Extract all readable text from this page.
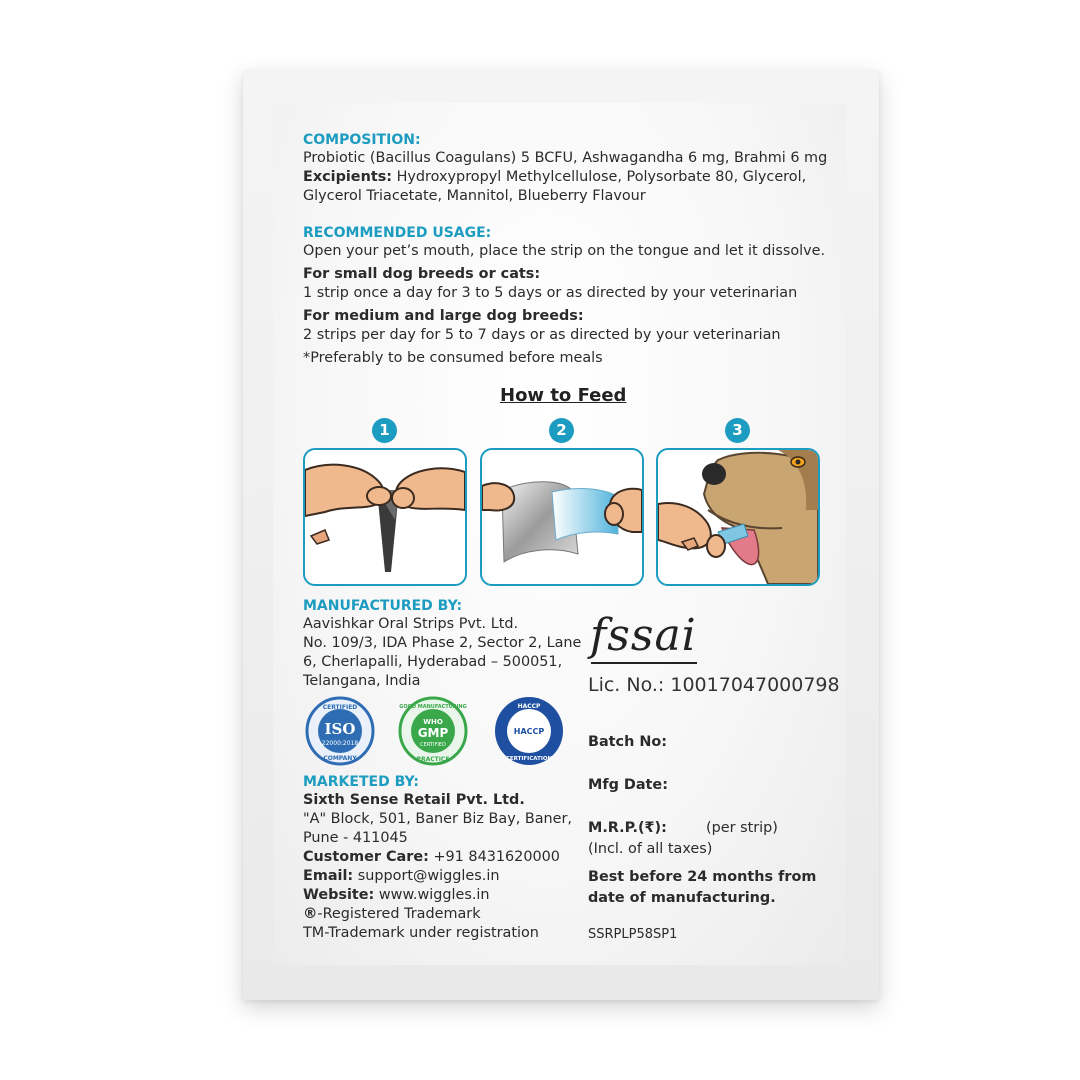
COMPOSITION:
Probiotic (Bacillus Coagulans) 5 BCFU, Ashwagandha 6 mg, Brahmi 6 mg
Excipients: Hydroxypropyl Methylcellulose, Polysorbate 80, Glycerol,
Glycerol Triacetate, Mannitol, Blueberry Flavour
RECOMMENDED USAGE:
Open your pet’s mouth, place the strip on the tongue and let it dissolve.
For small dog breeds or cats:
1 strip once a day for 3 to 5 days or as directed by your veterinarian
For medium and large dog breeds:
2 strips per day for 5 to 7 days or as directed by your veterinarian
*Preferably to be consumed before meals
How to Feed
1	2	3
MANUFACTURED BY:
Aavishkar Oral Strips Pvt. Ltd.
No. 109/3, IDA Phase 2, Sector 2, Lane
6, Cherlapalli, Hyderabad – 500051,
Telangana, India
CERTIFIED
ISO
22000:2018
COMPANY
GOOD MANUFACTURING
WHO
GMP
CERTIFIED
PRACTICE
HACCP
HACCP
CERTIFICATION
MARKETED BY:
Sixth Sense Retail Pvt. Ltd.
"A" Block, 501, Baner Biz Bay, Baner,
Pune - 411045
Customer Care: +91 8431620000
Email: support@wiggles.in
Website: www.wiggles.in
®-Registered Trademark
TM-Trademark under registration
fssai
Lic. No.: 10017047000798
Batch No:
Mfg Date:
M.R.P.(₹):	(per strip)
(Incl. of all taxes)
Best before 24 months from
date of manufacturing.
SSRPLP58SP1
